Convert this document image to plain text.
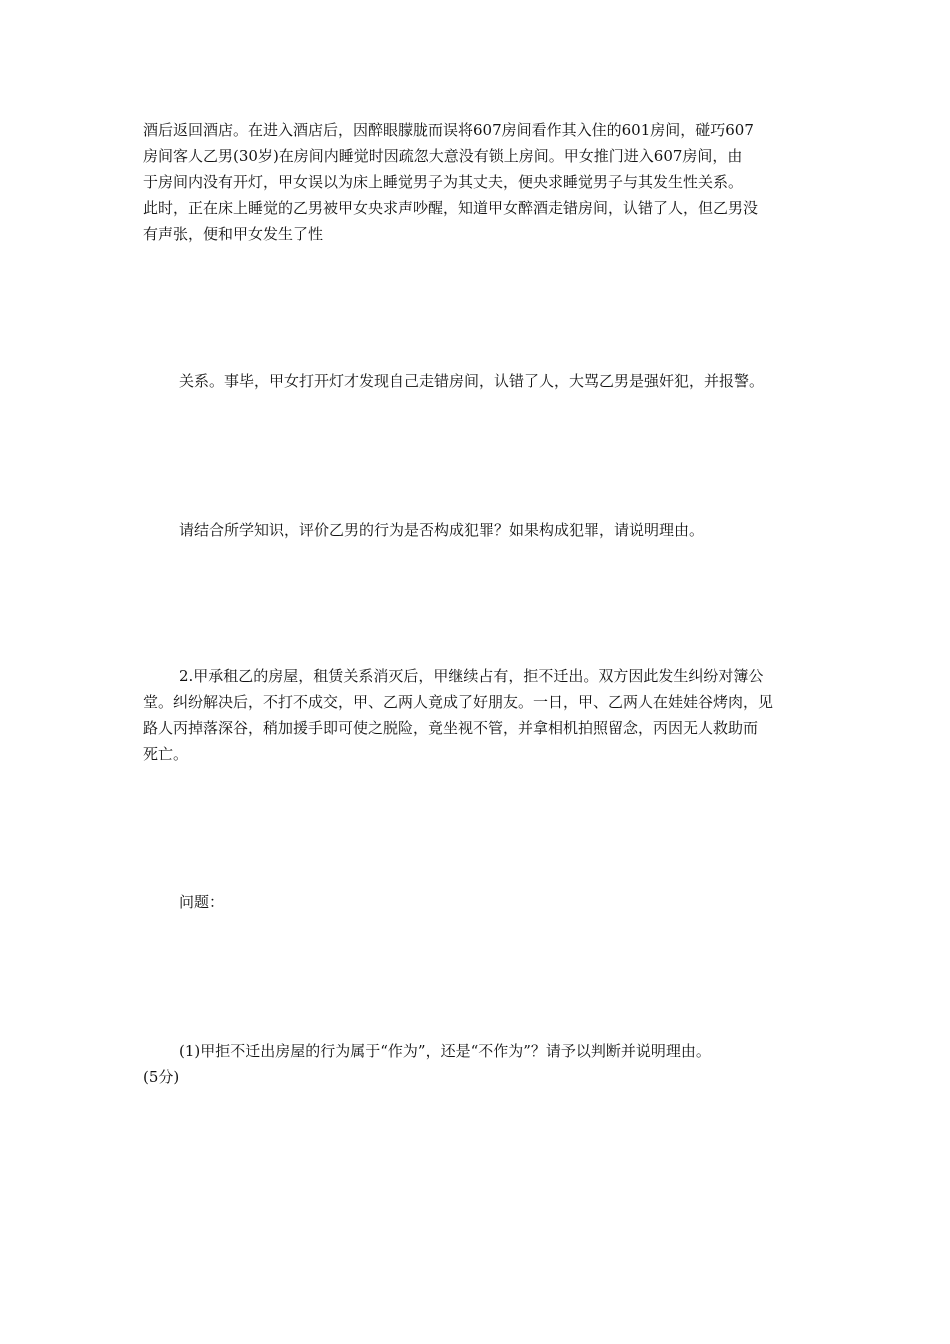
酒后返回酒店。在进入酒店后，因醉眼朦胧而误将607房间看作其入住的601房间，碰巧607
房间客人乙男(30岁)在房间内睡觉时因疏忽大意没有锁上房间。甲女推门进入607房间，由
于房间内没有开灯，甲女误以为床上睡觉男子为其丈夫，便央求睡觉男子与其发生性关系。
此时，正在床上睡觉的乙男被甲女央求声吵醒，知道甲女醉酒走错房间，认错了人，但乙男没
有声张，便和甲女发生了性
关系。事毕，甲女打开灯才发现自己走错房间，认错了人，大骂乙男是强奸犯，并报警。
请结合所学知识，评价乙男的行为是否构成犯罪？如果构成犯罪，请说明理由。
2.甲承租乙的房屋，租赁关系消灭后，甲继续占有，拒不迁出。双方因此发生纠纷对簿公
堂。纠纷解决后，不打不成交，甲、乙两人竟成了好朋友。一日，甲、乙两人在娃娃谷烤肉，见
路人丙掉落深谷，稍加援手即可使之脱险，竟坐视不管，并拿相机拍照留念，丙因无人救助而
死亡。
问题：
(1)甲拒不迁出房屋的行为属于“作为”，还是“不作为”？请予以判断并说明理由。
(5分)
